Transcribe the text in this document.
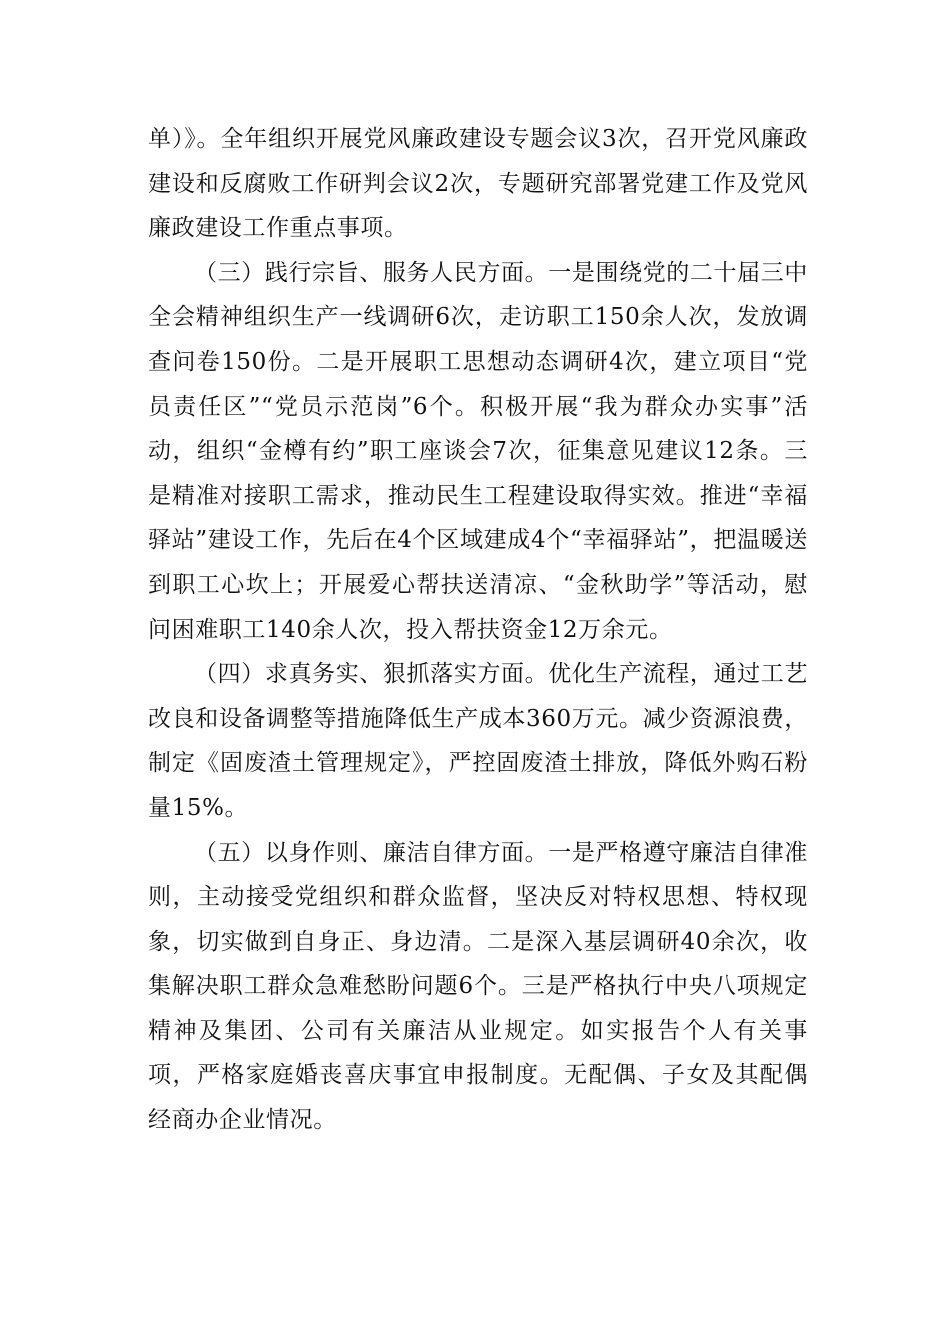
单）》。全年组织开展党风廉政建设专题会议3次，召开党风廉政建设和反腐败工作研判会议2次，专题研究部署党建工作及党风廉政建设工作重点事项。

（三）践行宗旨、服务人民方面。一是围绕党的二十届三中全会精神组织生产一线调研6次，走访职工150余人次，发放调查问卷150份。二是开展职工思想动态调研4次，建立项目“党员责任区”“党员示范岗”6个。积极开展“我为群众办实事”活动，组织“金樽有约”职工座谈会7次，征集意见建议12条。三是精准对接职工需求，推动民生工程建设取得实效。推进“幸福驿站”建设工作，先后在4个区域建成4个“幸福驿站”，把温暖送到职工心坎上；开展爱心帮扶送清凉、“金秋助学”等活动，慰问困难职工140余人次，投入帮扶资金12万余元。

（四）求真务实、狠抓落实方面。优化生产流程，通过工艺改良和设备调整等措施降低生产成本360万元。减少资源浪费，制定《固废渣土管理规定》，严控固废渣土排放，降低外购石粉量15%。

（五）以身作则、廉洁自律方面。一是严格遵守廉洁自律准则，主动接受党组织和群众监督，坚决反对特权思想、特权现象，切实做到自身正、身边清。二是深入基层调研40余次，收集解决职工群众急难愁盼问题6个。三是严格执行中央八项规定精神及集团、公司有关廉洁从业规定。如实报告个人有关事项，严格家庭婚丧喜庆事宜申报制度。无配偶、子女及其配偶经商办企业情况。
